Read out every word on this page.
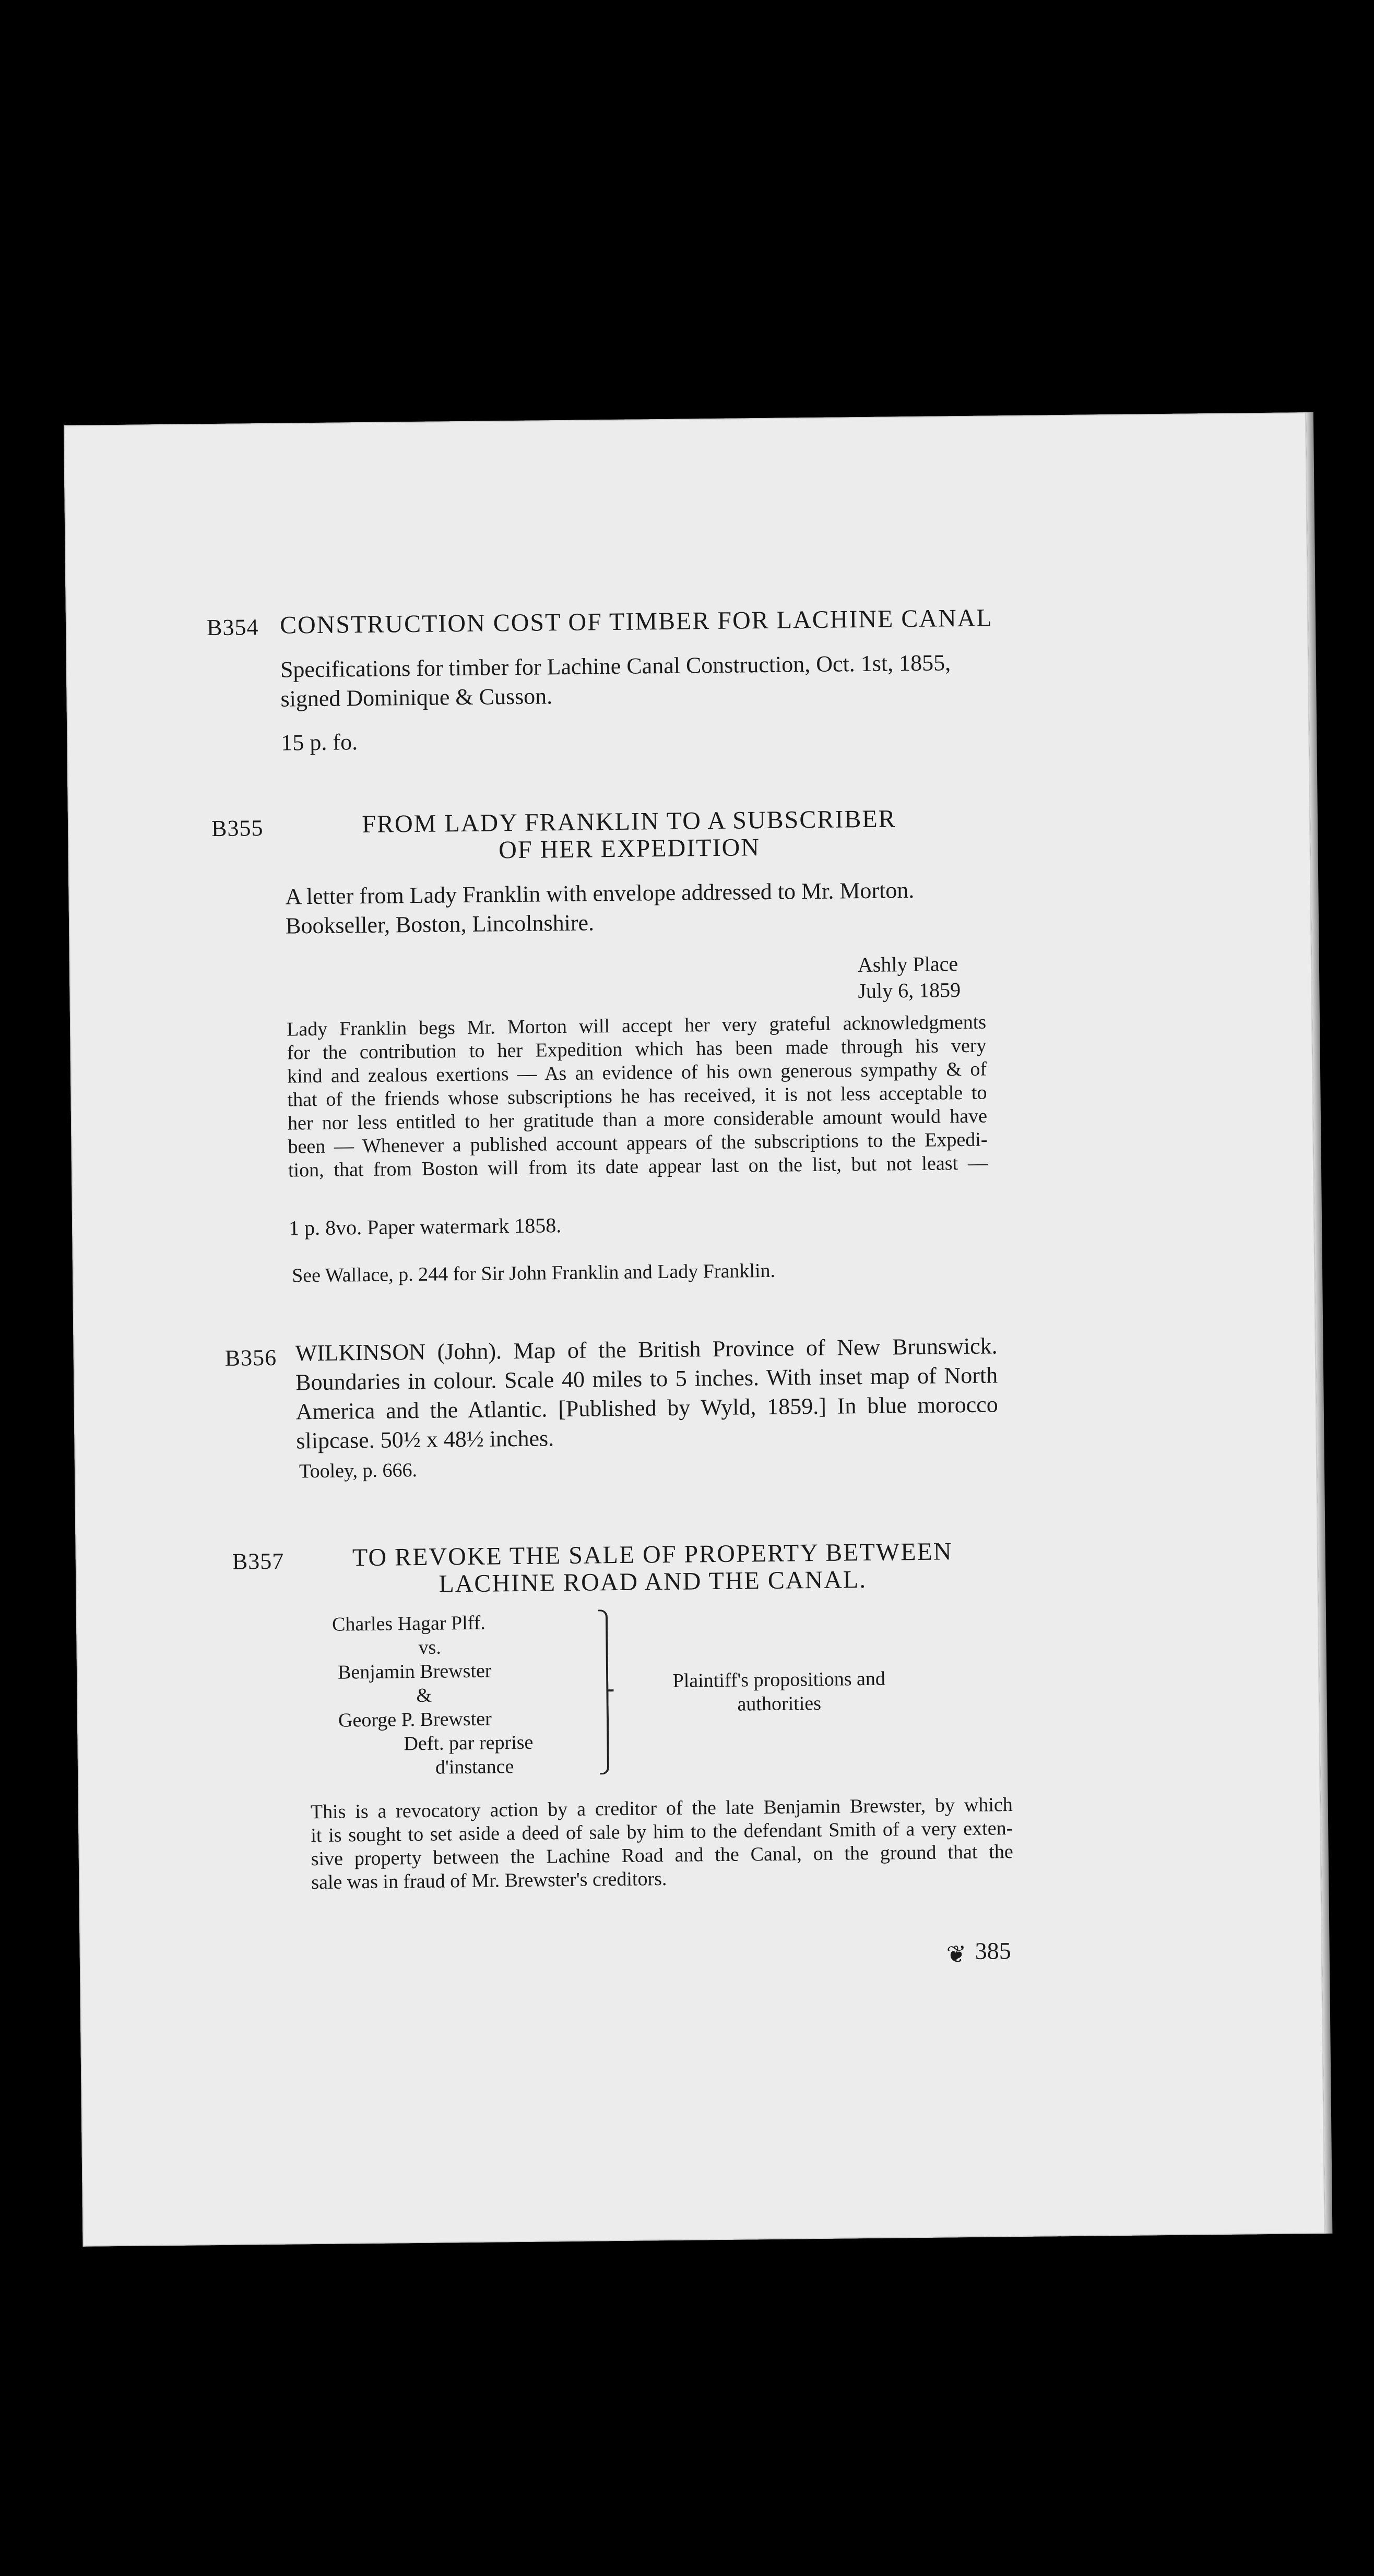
B354 CONSTRUCTION COST OF TIMBER FOR LACHINE CANAL
Specifications for timber for Lachine Canal Construction, Oct. 1st, 1855,
signed Dominique & Cusson.
15 p. fo.
B355	FROM LADY FRANKLIN TO A SUBSCRIBER
OF HER EXPEDITION
A letter from Lady Franklin with envelope addressed to Mr. Morton.
Bookseller, Boston, Lincolnshire.
Ashly Place
July 6, 1859
Lady Franklin begs Mr. Morton will accept her very grateful acknowledgments
for the contribution to her Expedition which has been made through his very
kind and zealous exertions — As an evidence of his own generous sympathy & of
that of the friends whose subscriptions he has received, it is not less acceptable to
her nor less entitled to her gratitude than a more considerable amount would have
been — Whenever a published account appears of the subscriptions to the Expedi-
tion, that from Boston will from its date appear last on the list, but not least —
1 p. 8vo. Paper watermark 1858.
See Wallace, p. 244 for Sir John Franklin and Lady Franklin.
B356 WILKINSON (John). Map of the British Province of New Brunswick.
Boundaries in colour. Scale 40 miles to 5 inches. With inset map of North
America and the Atlantic. [Published by Wyld, 1859.] In blue morocco
slipcase. 50½ x 48½ inches.
Tooley, p. 666.
B357	TO REVOKE THE SALE OF PROPERTY BETWEEN
LACHINE ROAD AND THE CANAL.
Charles Hagar Plff.
vs.
Benjamin Brewster
&
George P. Brewster
Deft. par reprise
d'instance
Plaintiff's propositions and
authorities
This is a revocatory action by a creditor of the late Benjamin Brewster, by which
it is sought to set aside a deed of sale by him to the defendant Smith of a very exten-
sive property between the Lachine Road and the Canal, on the ground that the
sale was in fraud of Mr. Brewster's creditors.
❦ 385
